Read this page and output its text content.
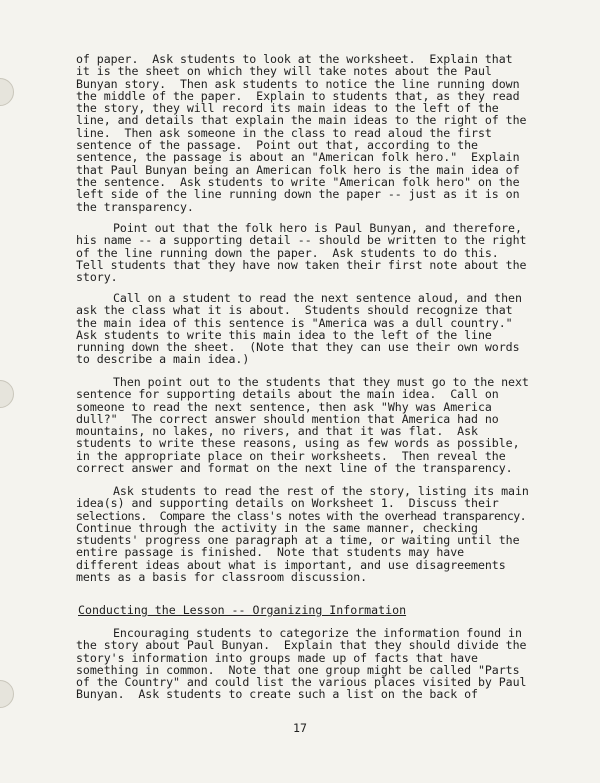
of paper.  Ask students to look at the worksheet.  Explain that
it is the sheet on which they will take notes about the Paul
Bunyan story.  Then ask students to notice the line running down
the middle of the paper.  Explain to students that, as they read
the story, they will record its main ideas to the left of the
line, and details that explain the main ideas to the right of the
line.  Then ask someone in the class to read aloud the first
sentence of the passage.  Point out that, according to the
sentence, the passage is about an "American folk hero."  Explain
that Paul Bunyan being an American folk hero is the main idea of
the sentence.  Ask students to write "American folk hero" on the
left side of the line running down the paper -- just as it is on
the transparency.
Point out that the folk hero is Paul Bunyan, and therefore,
his name -- a supporting detail -- should be written to the right
of the line running down the paper.  Ask students to do this.
Tell students that they have now taken their first note about the
story.
Call on a student to read the next sentence aloud, and then
ask the class what it is about.  Students should recognize that
the main idea of this sentence is "America was a dull country."
Ask students to write this main idea to the left of the line
running down the sheet.  (Note that they can use their own words
to describe a main idea.)
Then point out to the students that they must go to the next
sentence for supporting details about the main idea.  Call on
someone to read the next sentence, then ask "Why was America
dull?"  The correct answer should mention that America had no
mountains, no lakes, no rivers, and that it was flat.  Ask
students to write these reasons, using as few words as possible,
in the appropriate place on their worksheets.  Then reveal the
correct answer and format on the next line of the transparency.
Ask students to read the rest of the story, listing its main
idea(s) and supporting details on Worksheet 1.  Discuss their
selections.  Compare the class's notes with the overhead transparency.
Continue through the activity in the same manner, checking
students' progress one paragraph at a time, or waiting until the
entire passage is finished.  Note that students may have
different ideas about what is important, and use disagreements
ments as a basis for classroom discussion.
Conducting the Lesson -- Organizing Information
Encouraging students to categorize the information found in
the story about Paul Bunyan.  Explain that they should divide the
story's information into groups made up of facts that have
something in common.  Note that one group might be called "Parts
of the Country" and could list the various places visited by Paul
Bunyan.  Ask students to create such a list on the back of
17
